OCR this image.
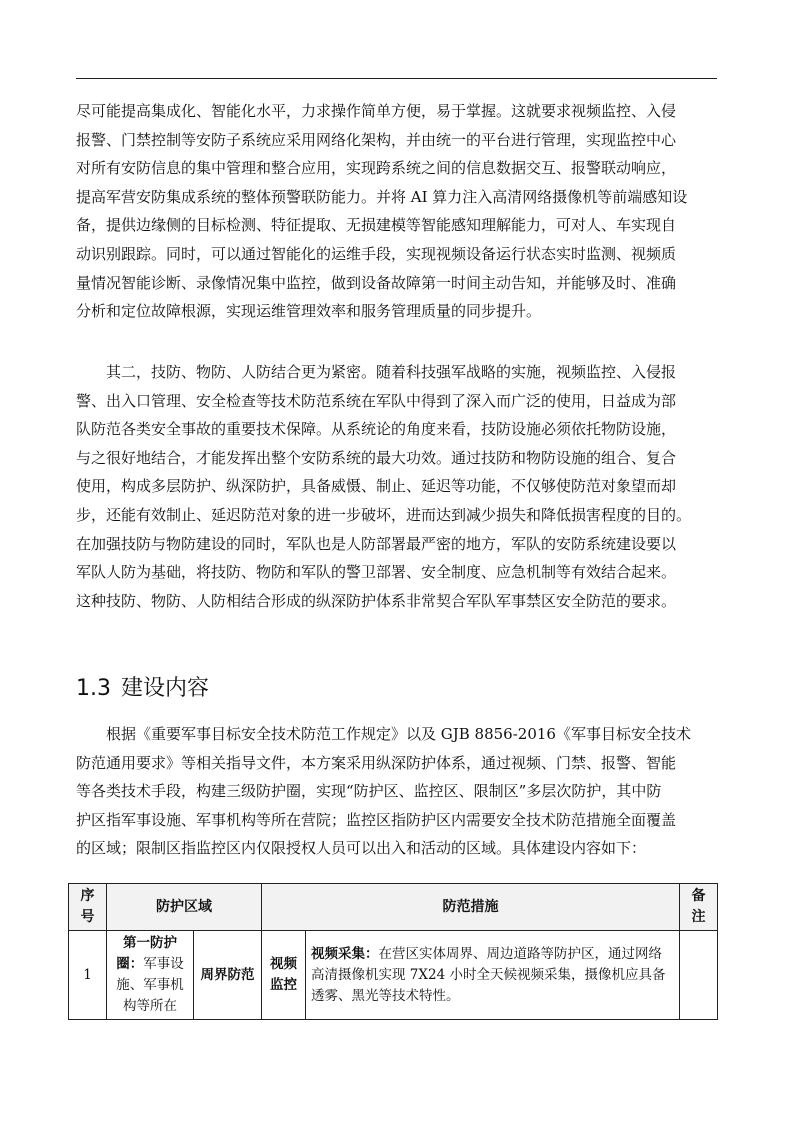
尽可能提高集成化、智能化水平，力求操作简单方便，易于掌握。这就要求视频监控、入侵
报警、门禁控制等安防子系统应采用网络化架构，并由统一的平台进行管理，实现监控中心
对所有安防信息的集中管理和整合应用，实现跨系统之间的信息数据交互、报警联动响应，
提高军营安防集成系统的整体预警联防能力。并将 AI 算力注入高清网络摄像机等前端感知设
备，提供边缘侧的目标检测、特征提取、无损建模等智能感知理解能力，可对人、车实现自
动识别跟踪。同时，可以通过智能化的运维手段，实现视频设备运行状态实时监测、视频质
量情况智能诊断、录像情况集中监控，做到设备故障第一时间主动告知，并能够及时、准确
分析和定位故障根源，实现运维管理效率和服务管理质量的同步提升。
其二，技防、物防、人防结合更为紧密。随着科技强军战略的实施，视频监控、入侵报
警、出入口管理、安全检查等技术防范系统在军队中得到了深入而广泛的使用，日益成为部
队防范各类安全事故的重要技术保障。从系统论的角度来看，技防设施必须依托物防设施，
与之很好地结合，才能发挥出整个安防系统的最大功效。通过技防和物防设施的组合、复合
使用，构成多层防护、纵深防护，具备威慑、制止、延迟等功能，不仅够使防范对象望而却
步，还能有效制止、延迟防范对象的进一步破坏，进而达到减少损失和降低损害程度的目的。
在加强技防与物防建设的同时，军队也是人防部署最严密的地方，军队的安防系统建设要以
军队人防为基础，将技防、物防和军队的警卫部署、安全制度、应急机制等有效结合起来。
这种技防、物防、人防相结合形成的纵深防护体系非常契合军队军事禁区安全防范的要求。
1.3 建设内容
根据《重要军事目标安全技术防范工作规定》以及 GJB 8856-2016《军事目标安全技术
防范通用要求》等相关指导文件，本方案采用纵深防护体系，通过视频、门禁、报警、智能
等各类技术手段，构建三级防护圈，实现“防护区、监控区、限制区”多层次防护，其中防
护区指军事设施、军事机构等所在营院；监控区指防护区内需要安全技术防范措施全面覆盖
的区域；限制区指监控区内仅限授权人员可以出入和活动的区域。具体建设内容如下：
序号	防护区域		防范措施		备注
1	第一防护圈：军事设施、军事机构等所在	周界防范	视频监控	视频采集：在营区实体周界、周边道路等防护区，通过网络高清摄像机实现 7X24 小时全天候视频采集，摄像机应具备透雾、黑光等技术特性。	
